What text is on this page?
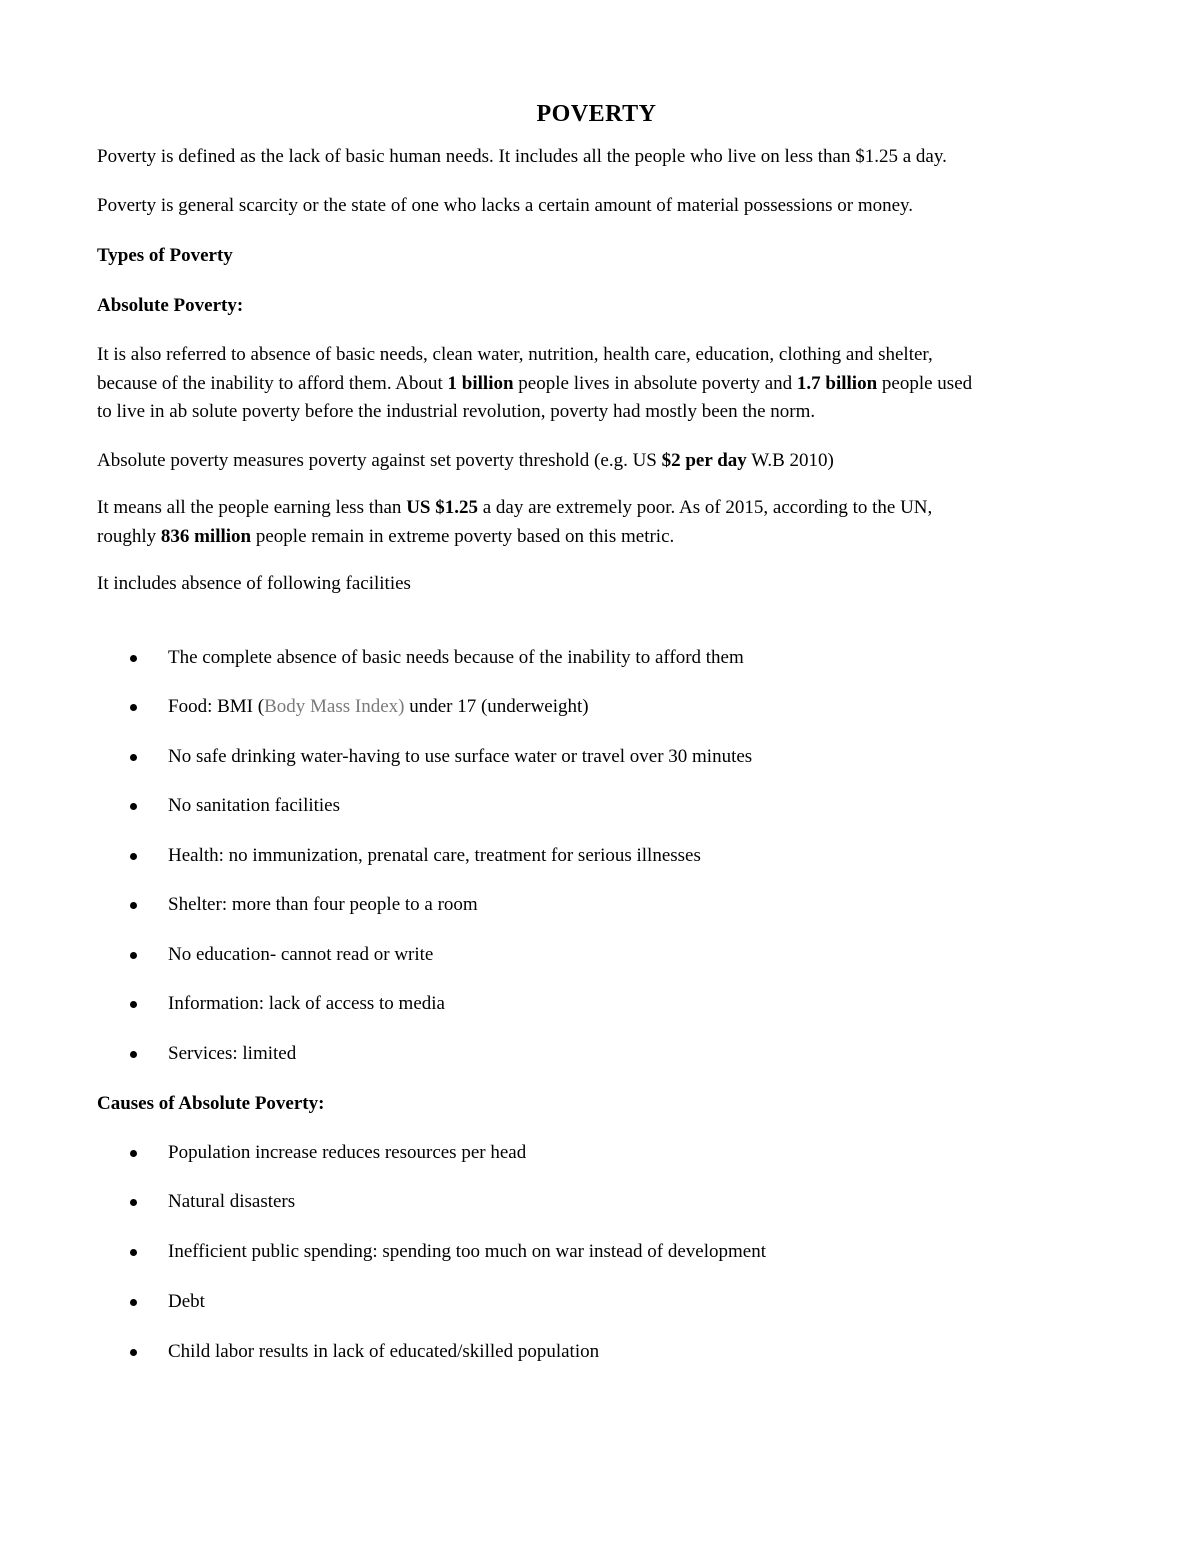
POVERTY

Poverty is defined as the lack of basic human needs. It includes all the people who live on less than $1.25 a day.

Poverty is general scarcity or the state of one who lacks a certain amount of material possessions or money.

Types of Poverty

Absolute Poverty:

It is also referred to absence of basic needs, clean water, nutrition, health care, education, clothing and shelter,
because of the inability to afford them. About 1 billion people lives in absolute poverty and 1.7 billion people used
to live in ab solute poverty before the industrial revolution, poverty had mostly been the norm.

Absolute poverty measures poverty against set poverty threshold (e.g. US $2 per day W.B 2010)

It means all the people earning less than US $1.25 a day are extremely poor. As of 2015, according to the UN,
roughly 836 million people remain in extreme poverty based on this metric.

It includes absence of following facilities

The complete absence of basic needs because of the inability to afford them
Food: BMI (Body Mass Index) under 17 (underweight)
No safe drinking water-having to use surface water or travel over 30 minutes
No sanitation facilities
Health: no immunization, prenatal care, treatment for serious illnesses
Shelter: more than four people to a room
No education- cannot read or write
Information: lack of access to media
Services: limited

Causes of Absolute Poverty:

Population increase reduces resources per head
Natural disasters
Inefficient public spending: spending too much on war instead of development
Debt
Child labor results in lack of educated/skilled population
